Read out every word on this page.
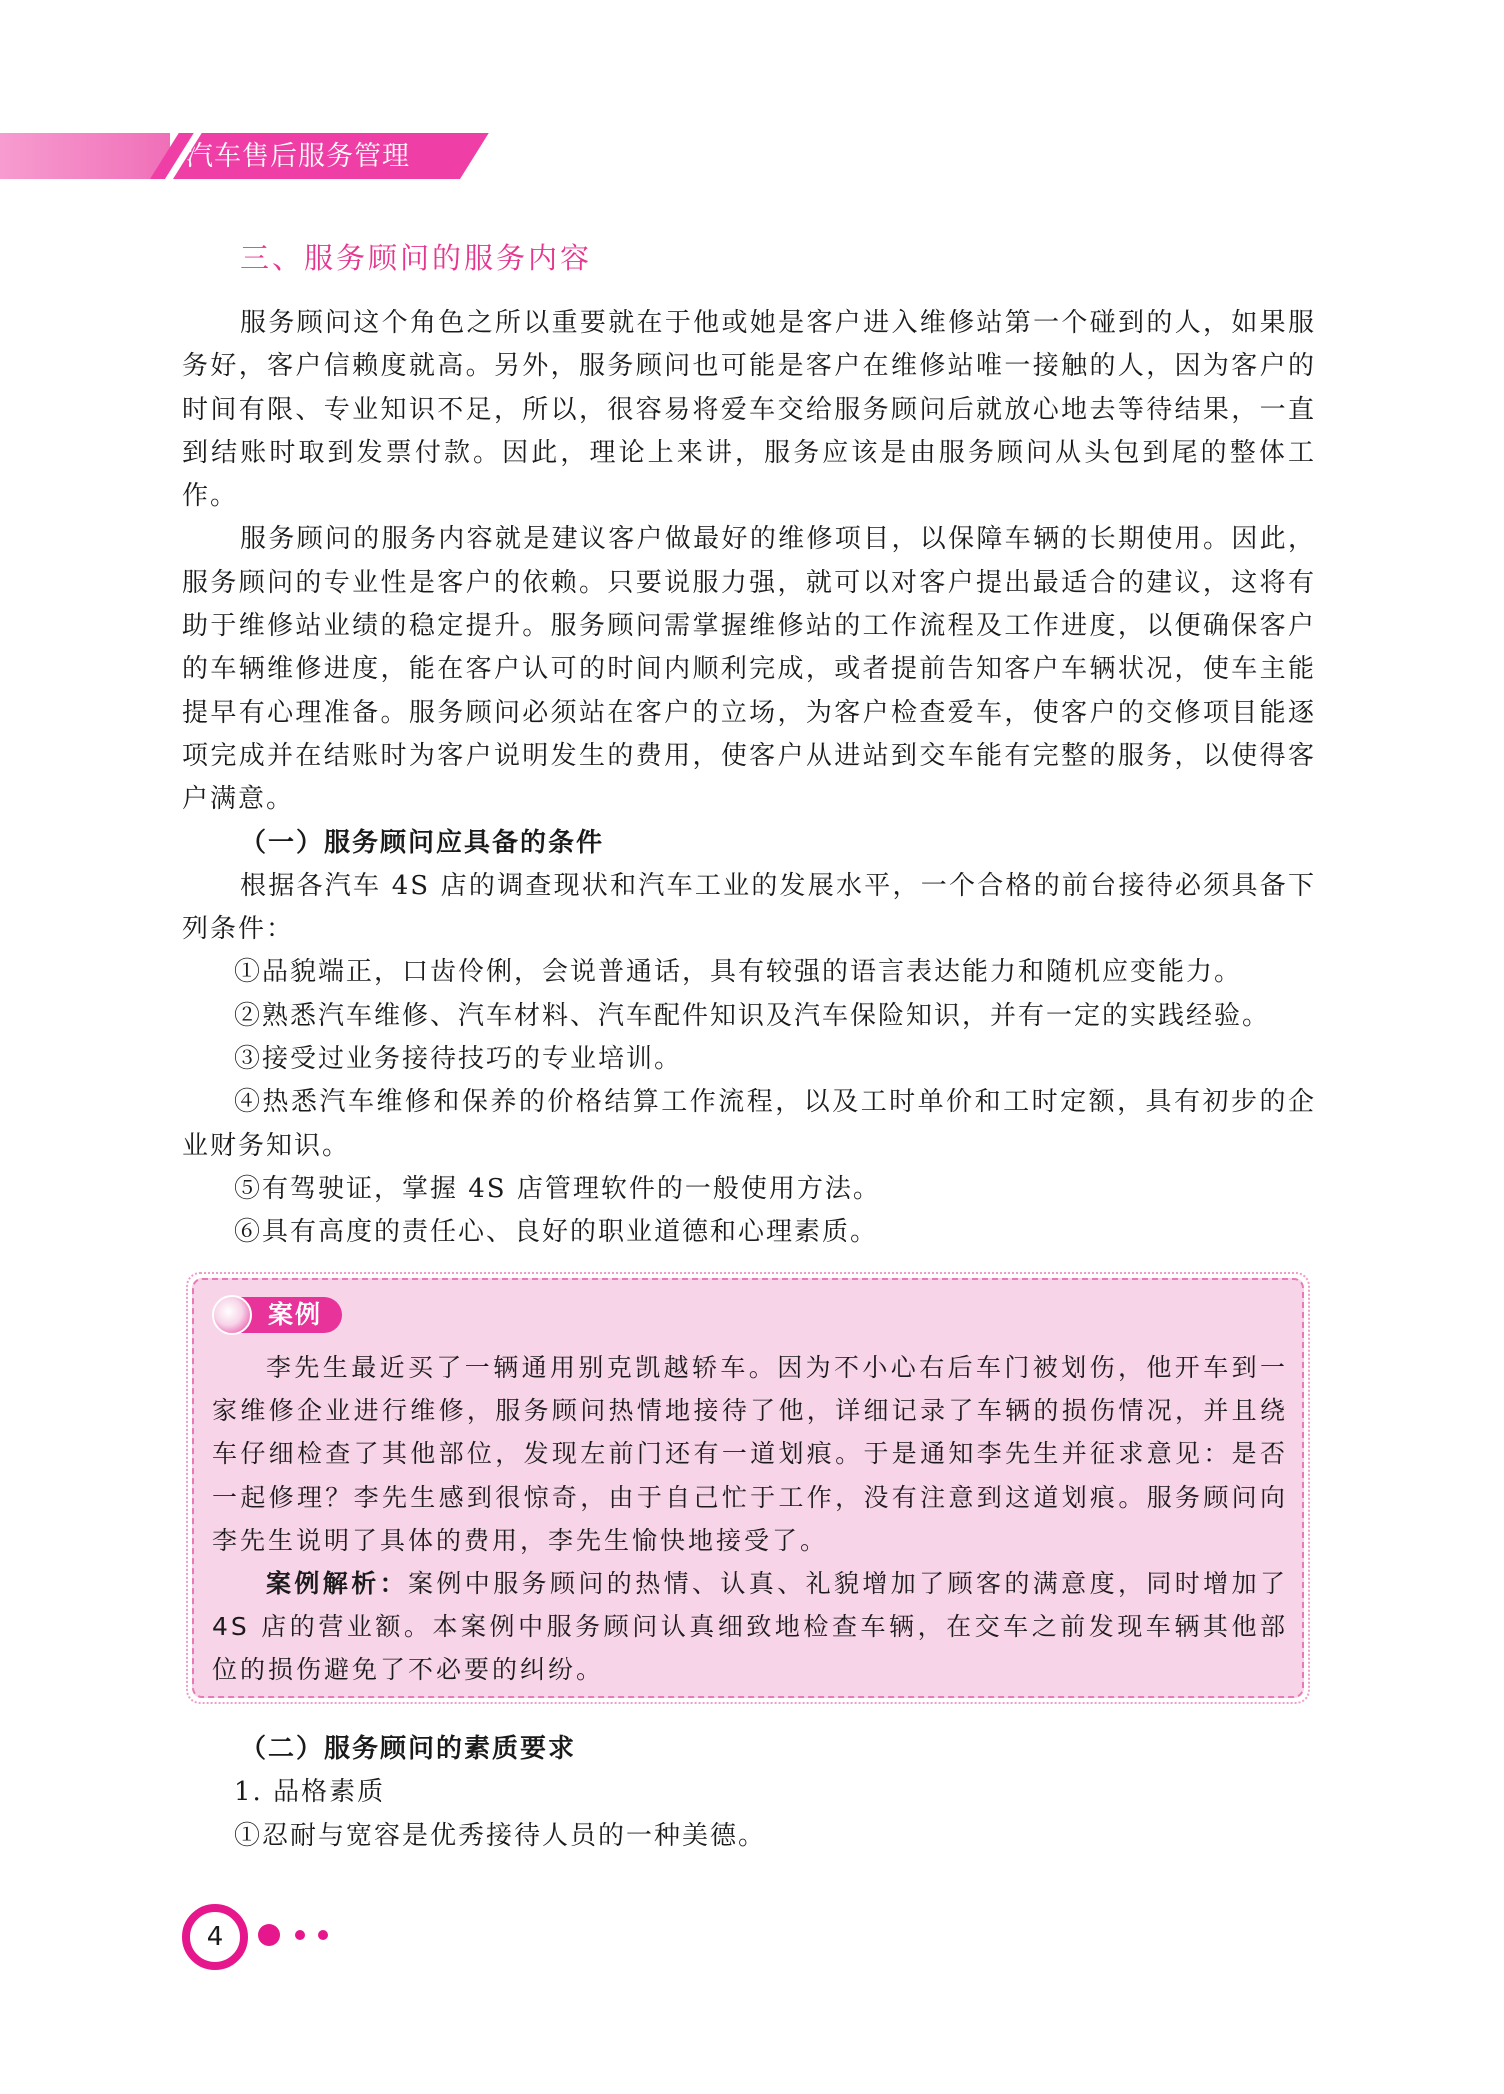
汽车售后服务管理
三、服务顾问的服务内容

服务顾问这个角色之所以重要就在于他或她是客户进入维修站第一个碰到的人，如果服务好，客户信赖度就高。另外，服务顾问也可能是客户在维修站唯一接触的人，因为客户的时间有限、专业知识不足，所以，很容易将爱车交给服务顾问后就放心地去等待结果，一直到结账时取到发票付款。因此，理论上来讲，服务应该是由服务顾问从头包到尾的整体工作。

服务顾问的服务内容就是建议客户做最好的维修项目，以保障车辆的长期使用。因此，服务顾问的专业性是客户的依赖。只要说服力强，就可以对客户提出最适合的建议，这将有助于维修站业绩的稳定提升。服务顾问需掌握维修站的工作流程及工作进度，以便确保客户的车辆维修进度，能在客户认可的时间内顺利完成，或者提前告知客户车辆状况，使车主能提早有心理准备。服务顾问必须站在客户的立场，为客户检查爱车，使客户的交修项目能逐项完成并在结账时为客户说明发生的费用，使客户从进站到交车能有完整的服务，以使得客户满意。

（一）服务顾问应具备的条件

根据各汽车 4S 店的调查现状和汽车工业的发展水平，一个合格的前台接待必须具备下列条件：

①品貌端正，口齿伶俐，会说普通话，具有较强的语言表达能力和随机应变能力。

②熟悉汽车维修、汽车材料、汽车配件知识及汽车保险知识，并有一定的实践经验。

③接受过业务接待技巧的专业培训。

④热悉汽车维修和保养的价格结算工作流程，以及工时单价和工时定额，具有初步的企业财务知识。

⑤有驾驶证，掌握 4S 店管理软件的一般使用方法。

⑥具有高度的责任心、良好的职业道德和心理素质。

案例

李先生最近买了一辆通用别克凯越轿车。因为不小心右后车门被划伤，他开车到一家维修企业进行维修，服务顾问热情地接待了他，详细记录了车辆的损伤情况，并且绕车仔细检查了其他部位，发现左前门还有一道划痕。于是通知李先生并征求意见：是否一起修理？李先生感到很惊奇，由于自己忙于工作，没有注意到这道划痕。服务顾问向李先生说明了具体的费用，李先生愉快地接受了。

案例解析：案例中服务顾问的热情、认真、礼貌增加了顾客的满意度，同时增加了 4S 店的营业额。本案例中服务顾问认真细致地检查车辆，在交车之前发现车辆其他部位的损伤避免了不必要的纠纷。

（二）服务顾问的素质要求

1. 品格素质

①忍耐与宽容是优秀接待人员的一种美德。

4
